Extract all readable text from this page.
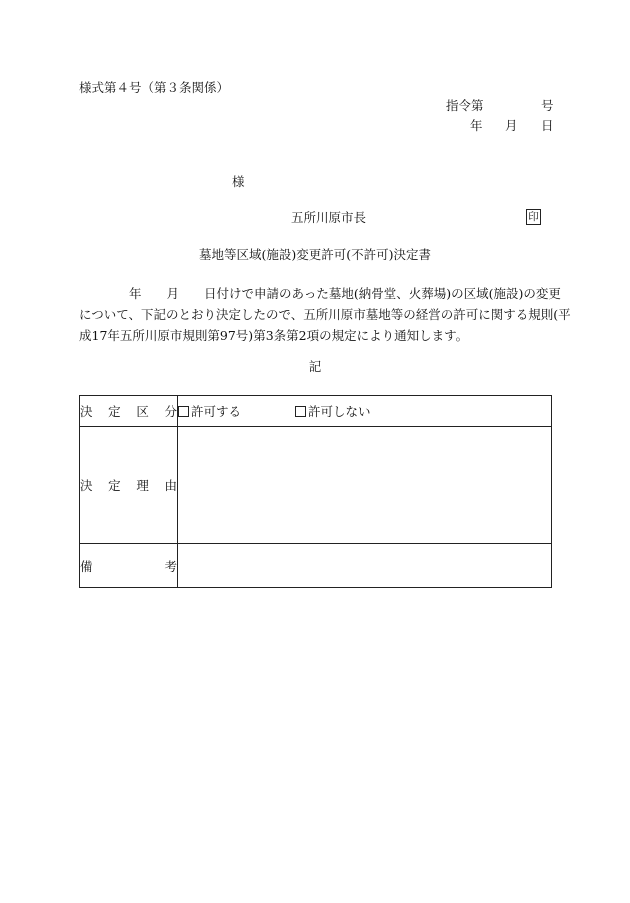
様式第４号（第３条関係）
指令第	号
年 月 日
様
五所川原市長	印
墓地等区域(施設)変更許可(不許可)決定書
　　　　年　　月　　日付けで申請のあった墓地(納骨堂、火葬場)の区域(施設)の変更
について、下記のとおり決定したので、五所川原市墓地等の経営の許可に関する規則(平
成17年五所川原市規則第97号)第3条第2項の規定により通知します。
記
決定区分	許可する 許可しない
決定理由	
備考	
